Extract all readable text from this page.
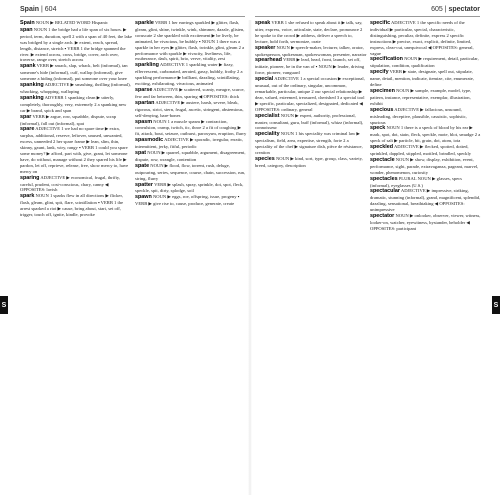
Spain | 604	605 | spectator

Spain NOUN ▶ RELATED WORD Hispanic

span NOUN 1 the bridge had a life span of six hours. ▶ period, term, duration, spell 2 with a span of 40 feet, the lake was bridged by a single arch. ▶ extent, reach, spread, length, distance, stretch ▪ VERB 1 the bridge spanned the river. ▶ extend across, cross, bridge, cover, arch over, traverse, range over, stretch across

spank VERB ▶ smack, slap, whack, belt (informal), tan someone's hide (informal), cuff, wallop (informal), give someone a hiding (informal), put someone over your knee

spanking ADJECTIVE ▶ smashing, thrilling (informal), whacking, whopping, walloping

spanking ADVERB 1 spanking clean ▶ utterly, completely, thoroughly, very, extremely 2 a spanking new car ▶ brand, spick and span

spar VERB ▶ argue, row, squabble, dispute, scrap (informal), fall out (informal), spat

spare ADJECTIVE 1 we had no spare time ▶ extra, surplus, additional, reserve, leftover, unused, unwanted, excess, unneeded 2 her spare frame ▶ lean, slim, thin, skinny, gaunt, lank, wiry, rangy ▪ VERB 1 could you spare some money? ▶ afford, part with, give, grant, let someone have, do without, manage without 2 they spared his life ▶ pardon, let off, reprieve, release, free, show mercy to, have mercy on

sparing ADJECTIVE ▶ economical, frugal, thrifty, careful, prudent, cost-conscious, chary, canny ◀ OPPOSITES: lavish

spark NOUN 1 sparks flew in all directions ▶ flicker, flash, gleam, glint, spit, flare, scintillation ▪ VERB 1 the arrest sparked a riot ▶ cause, bring about, start, set off, trigger, touch off, ignite, kindle, provoke

sparkle VERB 1 her earrings sparkled ▶ glitter, flash, gleam, glint, shine, twinkle, wink, shimmer, dazzle, glisten, coruscate 2 she sparkled with excitement ▶ be lively, be animated, be vivacious, be bubbly ▪ NOUN 1 there was a sparkle in her eyes ▶ glitter, flash, twinkle, glint, gleam 2 a performance with sparkle ▶ vivacity, liveliness, life, exuberance, dash, spirit, brio, verve, vitality, zest

sparkling ADJECTIVE 1 sparkling water ▶ fizzy, effervescent, carbonated, aerated, gassy, bubbly, frothy 2 a sparkling performance ▶ brilliant, dazzling, scintillating, exciting, exhilarating, vivacious, animated

sparse ADJECTIVE ▶ scattered, scanty, meagre, scarce, few and far between, thin, sparing ◀ OPPOSITES: thick

spartan ADJECTIVE ▶ austere, harsh, severe, bleak, rigorous, strict, stern, frugal, ascetic, stringent, abstemious, self-denying, bare-bones

spasm NOUN 1 a muscle spasm ▶ contraction, convulsion, cramp, twitch, tic, throe 2 a fit of coughing ▶ fit, attack, bout, seizure, outburst, paroxysm, eruption, flurry

spasmodic ADJECTIVE ▶ sporadic, irregular, erratic, intermittent, jerky, fitful, periodic

spat NOUN ▶ quarrel, squabble, argument, disagreement, dispute, row, wrangle, contention

spate NOUN ▶ flood, flow, torrent, rush, deluge, outpouring, series, sequence, course, chain, succession, run, string, flurry

spatter VERB ▶ splash, spray, sprinkle, dot, spot, fleck, speckle, spit, dirty, splodge, soil

spawn NOUN ▶ eggs, roe, offspring, issue, progeny ▪ VERB ▶ give rise to, cause, produce, generate, create

speak VERB 1 she refused to speak about it ▶ talk, say, utter, express, voice, articulate, state, declare, pronounce 2 he spoke to the crowd ▶ address, deliver a speech to, lecture, hold forth, sermonize, orate

speaker NOUN ▶ speech-maker, lecturer, talker, orator, spokesperson, spokesman, spokeswoman, presenter, narrator

spearhead VERB ▶ lead, head, front, launch, set off, initiate, pioneer, be in the van of ▪ NOUN ▶ leader, driving force, pioneer, vanguard

special ADJECTIVE 1 a special occasion ▶ exceptional, unusual, out of the ordinary, singular, uncommon, remarkable, particular, unique 2 our special relationship ▶ dear, valued, esteemed, treasured, cherished 3 a special tool ▶ specific, particular, specialized, designated, dedicated ◀ OPPOSITES: ordinary, general

specialist NOUN ▶ expert, authority, professional, master, consultant, guru, buff (informal), whizz (informal), connoisseur

speciality NOUN 1 his speciality was criminal law ▶ specialism, field, area, expertise, strength, forte 2 a speciality of the chef ▶ signature dish, pièce de résistance, creation

species NOUN ▶ kind, sort, type, group, class, variety, breed, category, description

specific ADJECTIVE 1 the specific needs of the individual ▶ particular, special, characteristic, distinguishing, peculiar, definite, express 2 specific instructions ▶ precise, exact, explicit, definite, limited, express, clear-cut, unequivocal ◀ OPPOSITES: general, vague

specification NOUN ▶ requirement, detail, particular, stipulation, condition, qualification

specify VERB ▶ state, designate, spell out, stipulate, name, detail, mention, indicate, itemize, cite, enumerate, define

specimen NOUN ▶ sample, example, model, type, pattern, instance, representative, exemplar, illustration, exhibit

specious ADJECTIVE ▶ fallacious, unsound, misleading, deceptive, plausible, casuistic, sophistic, spurious

speck NOUN 1 there is a speck of blood by his ear ▶ mark, spot, dot, stain, fleck, speckle, mote, blot, smudge 2 a speck of salt ▶ particle, bit, grain, dot, atom, iota

speckled ADJECTIVE ▶ flecked, spotted, dotted, sprinkled, dappled, stippled, mottled, brindled, speckly

spectacle NOUN ▶ show, display, exhibition, event, performance, sight, parade, extravaganza, pageant, marvel, wonder, phenomenon, curiosity

spectacles PLURAL NOUN ▶ glasses, specs (informal), eyeglasses (U.S.)

spectacular ADJECTIVE ▶ impressive, striking, dramatic, stunning (informal), grand, magnificent, splendid, dazzling, sensational, breathtaking ◀ OPPOSITES: unimpressive

spectator NOUN ▶ onlooker, observer, viewer, witness, looker-on, watcher, eyewitness, bystander, beholder ◀ OPPOSITES: participant

S	S
